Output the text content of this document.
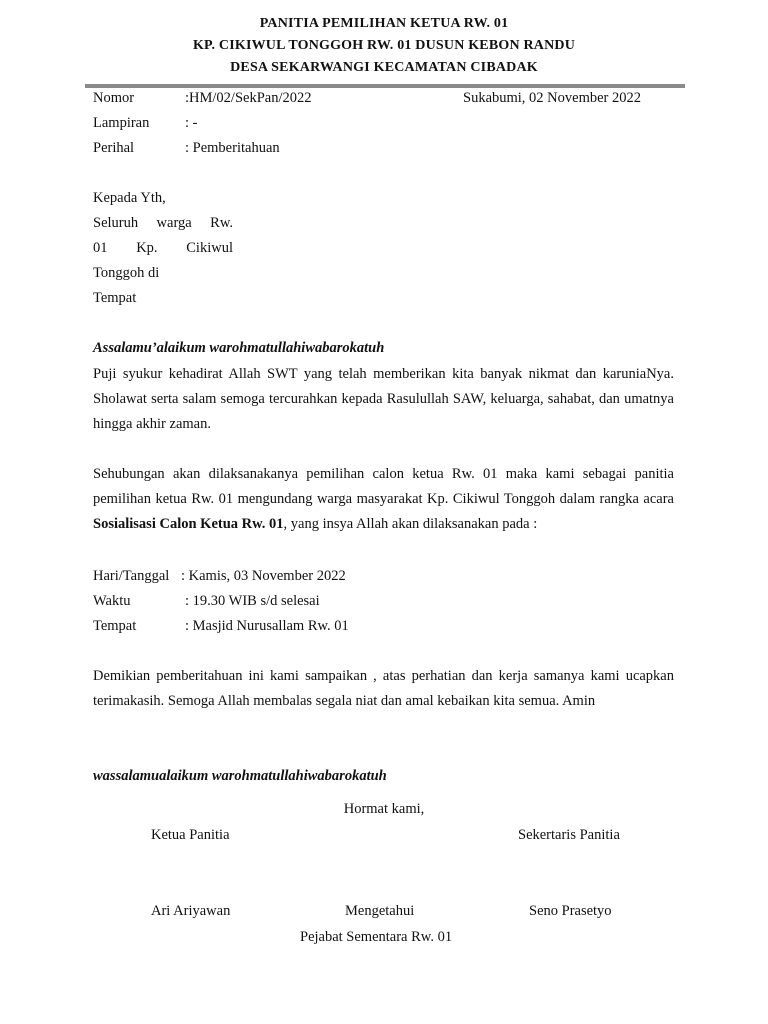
PANITIA PEMILIHAN KETUA RW. 01
KP. CIKIWUL TONGGOH RW. 01 DUSUN KEBON RANDU
DESA SEKARWANGI KECAMATAN CIBADAK
Nomor	:HM/02/SekPan/2022	Sukabumi, 02 November 2022
Lampiran : -
Perihal	: Pemberitahuan
Kepada Yth,
Seluruh warga Rw.
01 Kp. Cikiwul
Tonggoh di
Tempat
Assalamu’alaikum warohmatullahiwabarokatuh

Puji syukur kehadirat Allah SWT yang telah memberikan kita banyak nikmat dan karuniaNya. Sholawat serta salam semoga tercurahkan kepada Rasulullah SAW, keluarga, sahabat, dan umatnya hingga akhir zaman.

Sehubungan akan dilaksanakanya pemilihan calon ketua Rw. 01 maka kami sebagai panitia pemilihan ketua Rw. 01 mengundang warga masyarakat Kp. Cikiwul Tonggoh dalam rangka acara Sosialisasi Calon Ketua Rw. 01, yang insya Allah akan dilaksanakan pada :

Hari/Tanggal : Kamis, 03 November 2022
Waktu	: 19.30 WIB s/d selesai
Tempat	: Masjid Nurusallam Rw. 01

Demikian pemberitahuan ini kami sampaikan , atas perhatian dan kerja samanya kami ucapkan terimakasih. Semoga Allah membalas segala niat dan amal kebaikan kita semua. Amin

wassalamualaikum warohmatullahiwabarokatuh
Hormat kami,
Ketua Panitia	Sekertaris Panitia
Ari Ariyawan	Mengetahui	Seno Prasetyo
Pejabat Sementara Rw. 01
